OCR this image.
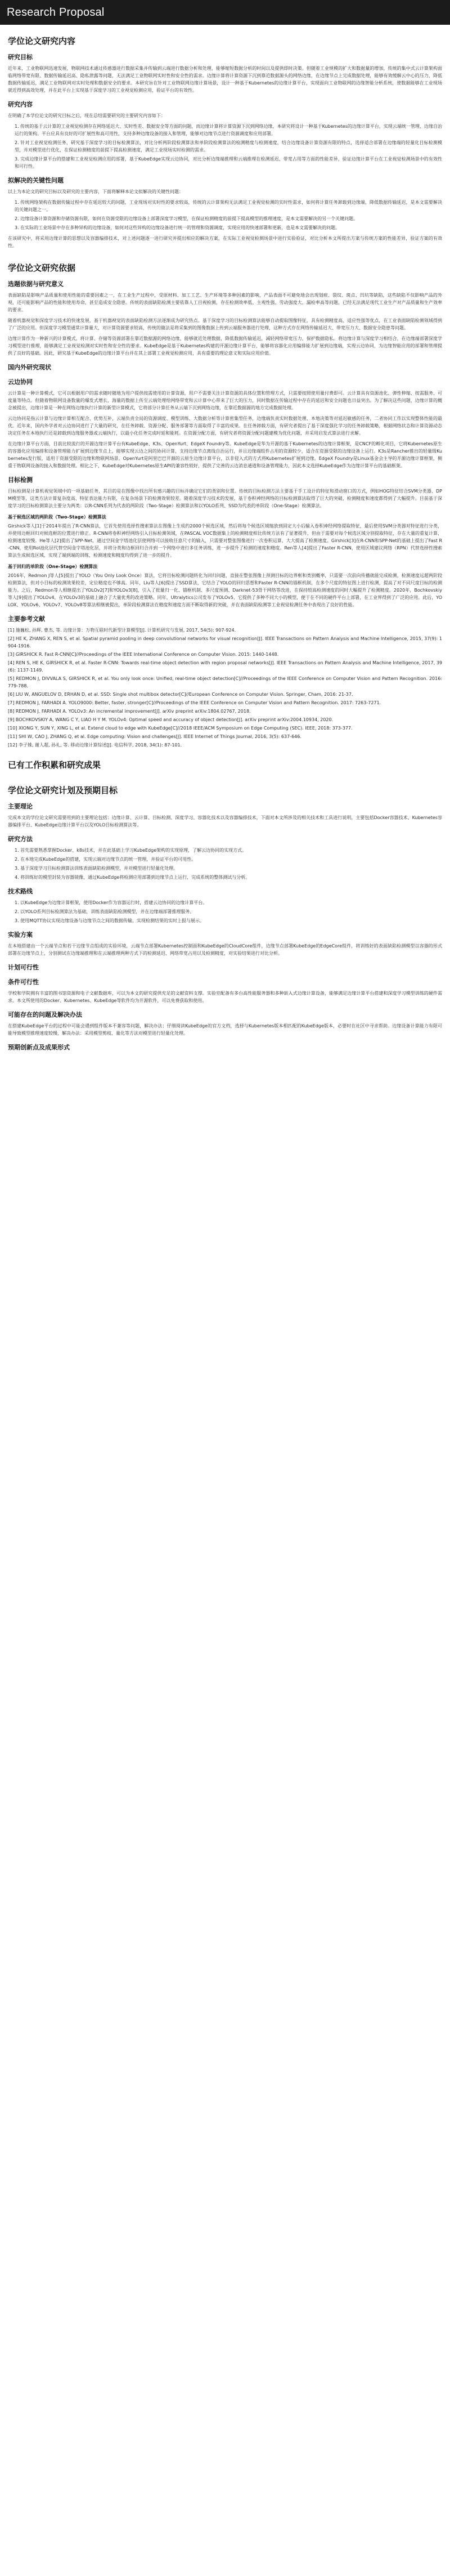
Research Proposal
学位论文研究内容
研究目标

近年来，工业物联网迅速发展，物联网技术通过传感器进行数据采集并传输到云端进行数据分析和处理，能够缩短数据分析的时间以及提供即时决策。但随着工业规模的扩大和数据量的增加，传统的集中式云计算架构面临网络带宽有限、数据传输延迟高、隐私泄露等问题，无法满足工业物联网实时性和安全性的需求。边缘计算将计算资源下沉到靠近数据源头的网络边缘，在边缘节点上完成数据处理，能够有效缓解云中心的压力，降低数据传输延迟，满足工业物联网对实时处理和数据安全的要求。本研究旨在针对工业物联网边缘计算场景，设计一种基于Kubernetes的边缘计算平台，实现面向工业物联网的边缘智能分析系统，使数据能够在工业现场就近得到高效处理，并在此平台上实现基于深度学习的工业视觉检测应用，验证平台的有效性。

研究内容

在明确了本学位论文的研究目标之后，现在总结需要研究的主要研究内容如下：

1. 传统的基于云计算的工业视觉检测存在网络延迟大、实时性差、数据安全等方面的问题，而边缘计算将计算资源下沉到网络边缘，本研究将设计一种基于Kubernetes的边缘计算平台，实现云端统一管理、边缘自治运行的架构。平台应具有良好的可扩展性和高可用性，支持多种边缘设备的接入和管理，能够对边缘节点进行资源调度和应用部署。
2. 针对工业视觉检测任务，研究基于深度学习的目标检测算法，对比分析两阶段检测算法和单阶段检测算法的检测精度与检测速度，结合边缘设备计算资源有限的特点，选择适合部署在边缘端的轻量化目标检测模型，并对模型进行优化，在保证检测精度的前提下提高检测速度，满足工业现场实时检测的需求。
3. 完成边缘计算平台的搭建和工业视觉检测应用的部署，基于KubeEdge实现云边协同，对比分析边缘端推理和云端推理在检测延迟、带宽占用等方面的性能差异，验证边缘计算平台在工业视觉检测场景中的有效性和可行性。
拟解决的关键性问题

以上为本论文的研究目标以及研究的主要内容，下面将解释本论文拟解决的关键性问题：

1. 传统网络架构在数据传输过程中存在延迟较大的问题，工业现场对实时性的要求较高，传统的云计算架构无法满足工业视觉检测的实时性需求，如何将计算任务卸载到边缘端，降低数据传输延迟，是本文需要解决的关键问题之一。
2. 边缘设备计算资源和存储资源有限，如何在资源受限的边缘设备上部署深度学习模型，在保证检测精度的前提下提高模型的推理速度，是本文需要解决的另一个关键问题。
3. 在实际的工业场景中存在多种异构的边缘设备，如何对这些异构的边缘设备进行统一的管理和资源调度，实现应用的快速部署和更新，也是本文需要解决的问题。

在该研究中，将采用边缘计算的思想以及容器编排技术，对上述问题逐一进行研究并提出相应的解决方案，在实际工业视觉检测场景中进行实验验证，对比分析本文所提出方案与传统方案的性能差异，验证方案的有效性。

学位论文研究依据
选题依据与研究意义

表面缺陷是影响产品质量和使用性能的重要因素之一，在工业生产过程中，受原材料、加工工艺、生产环境等多种因素的影响，产品表面不可避免地会出现划痕、裂纹、斑点、凹坑等缺陷，这些缺陷不仅影响产品的外观，还可能影响产品的性能和使用寿命，甚至造成安全隐患。传统的表面缺陷检测主要依靠人工目视检测，存在检测效率低、主观性强、劳动强度大、漏检率高等问题，已经无法满足现代工业生产对产品质量和生产效率的要求。

随着机器视觉和深度学习技术的快速发展，基于机器视觉的表面缺陷检测方法逐渐成为研究热点。基于深度学习的目标检测算法能够自动提取图像特征，具有检测精度高、适应性强等优点，在工业表面缺陷检测领域得到了广泛的应用。但深度学习模型通常计算量大，对计算资源要求较高，传统的做法是将采集到的图像数据上传到云端服务器进行处理，这种方式存在网络传输延迟大、带宽压力大、数据安全隐患等问题。

边缘计算作为一种新兴的计算模式，将计算、存储等资源部署在靠近数据源的网络边缘，能够就近处理数据，降低数据传输延迟，减轻网络带宽压力，保护数据隐私。将边缘计算与深度学习相结合，在边缘端部署深度学习模型进行推理，能够满足工业视觉检测对实时性和安全性的要求。KubeEdge是基于Kubernetes构建的开源边缘计算平台，能够将容器化应用编排能力扩展到边缘端，实现云边协同，为边缘智能应用的部署和管理提供了良好的基础。因此，研究基于KubeEdge的边缘计算平台并在其上部署工业视觉检测应用，具有重要的理论意义和实际应用价值。

国内外研究现状
云边协同

云计算是一种计算模式，它可以根据用户的需求随时随地为用户提供按需使用的计算资源，用户不需要关注计算资源的具体位置和管理方式，只需要按照使用量付费即可。云计算具有资源池化、弹性伸缩、按需服务、可度量等特点。但随着物联网设备数量的爆发式增长，海量的数据上传至云端处理给网络带宽和云计算中心带来了巨大的压力，同时数据在传输过程中存在的延迟和安全问题也日益突出。为了解决这些问题，边缘计算的概念被提出，边缘计算是一种在网络边缘执行计算的新型计算模式，它将部分计算任务从云端下沉到网络边缘，在靠近数据源的地方完成数据处理。

云边协同是指云计算与边缘计算相互配合、优势互补，云端负责全局的资源调度、模型训练、大数据分析等计算密集型任务，边缘端负责实时数据处理、本地决策等对延迟敏感的任务，二者协同工作以实现整体性能的最优。近年来，国内外学者对云边协同进行了大量的研究，在任务卸载、资源分配、服务部署等方面取得了丰富的成果。在任务卸载方面，有研究者提出了基于深度强化学习的任务卸载策略，根据网络状态和计算资源动态决定任务在本地执行还是卸载到边缘服务器或云端执行，以最小化任务完成时延和能耗。在资源分配方面，有研究者将资源分配问题建模为优化问题，并采用启发式算法进行求解。

在边缘计算平台方面，目前比较流行的开源边缘计算平台有KubeEdge、K3s、OpenYurt、EdgeX Foundry等。KubeEdge是华为开源的基于Kubernetes的边缘计算框架，是CNCF的孵化项目，它将Kubernetes原生的容器化应用编排和设备管理能力扩展到边缘节点上，能够实现云边之间的协同计算，支持边缘节点离线自治运行，并且边缘端组件占用的资源较少，适合在资源受限的边缘设备上运行。K3s是Rancher推出的轻量级Kubernetes发行版，适用于资源受限的边缘和物联网场景。OpenYurt是阿里巴巴开源的云原生边缘计算平台，以非侵入式的方式将Kubernetes扩展到边缘。EdgeX Foundry是Linux基金会主导的开源边缘计算框架，侧重于物联网设备的接入和数据处理。相比之下，KubeEdge对Kubernetes原生API的兼容性较好，提供了完善的云边消息通道和设备管理能力，因此本文选择KubeEdge作为边缘计算平台的基础框架。

目标检测

目标检测是计算机视觉领域中的一项基础任务，其目的是在图像中找出所有感兴趣的目标并确定它们的类别和位置。传统的目标检测方法主要基于手工设计的特征和滑动窗口的方式，例如HOG特征结合SVM分类器、DPM模型等，这类方法计算复杂度高、特征表达能力有限，在复杂场景下的检测效果较差。随着深度学习技术的发展，基于卷积神经网络的目标检测算法取得了巨大的突破，检测精度和速度都得到了大幅提升。目前基于深度学习的目标检测算法主要分为两类：以R-CNN系列为代表的两阶段（Two-Stage）检测算法和以YOLO系列、SSD为代表的单阶段（One-Stage）检测算法。

基于候选区域的两阶段（Two-Stage）检测算法

Girshick等人[1]于2014年提出了R-CNN算法，它首先使用选择性搜索算法在图像上生成约2000个候选区域，然后将每个候选区域缩放到固定大小后输入卷积神经网络提取特征，最后使用SVM分类器对特征进行分类，并使用边框回归对候选框的位置进行修正。R-CNN将卷积神经网络引入目标检测领域，在PASCAL VOC数据集上的检测精度相比传统方法有了显著提升，但由于需要对每个候选区域分别提取特征，存在大量的重复计算，检测速度较慢。He等人[2]提出了SPP-Net，通过空间金字塔池化层使网络可以接收任意尺寸的输入，只需要对整张图像进行一次卷积运算，大大提高了检测速度。Girshick[3]在R-CNN和SPP-Net的基础上提出了Fast R-CNN，使用RoI池化层代替空间金字塔池化层，并将分类和边框回归合并到一个网络中进行多任务训练，进一步提升了检测的速度和精度。Ren等人[4]提出了Faster R-CNN，使用区域建议网络（RPN）代替选择性搜索算法生成候选区域，实现了端到端的训练，检测速度和精度均得到了进一步的提升。

基于回归的单阶段（One-Stage）检测算法

2016年，Redmon J等人[5]提出了YOLO（You Only Look Once）算法，它将目标检测问题转化为回归问题，直接在整张图像上预测目标的边界框和类别概率，只需要一次前向传播就能完成检测，检测速度远超两阶段检测算法，但对小目标的检测效果较差，定位精度也不够高。同年，Liu等人[6]提出了SSD算法，它结合了YOLO的回归思想和Faster R-CNN的锚框机制，在多个尺度的特征图上进行检测，提高了对不同尺度目标的检测能力。之后，Redmon等人相继提出了YOLOv2[7]和YOLOv3[8]，引入了批量归一化、锚框机制、多尺度预测、Darknet-53骨干网络等改进，在保持较高检测速度的同时大幅提升了检测精度。2020年，Bochkovskiy等人[9]提出了YOLOv4，在YOLOv3的基础上融合了大量优秀的改进策略。同年，Ultralytics公司发布了YOLOv5，它提供了多种不同大小的模型，便于在不同的硬件平台上部署，在工业界得到了广泛的应用。此后，YOLOX、YOLOv6、YOLOv7、YOLOv8等算法相继被提出，单阶段检测算法在精度和速度方面不断取得新的突破，并在表面缺陷检测等工业视觉检测任务中表现出了良好的性能。

主要参考文献

[1] 施巍松, 孙辉, 曹杰, 等. 边缘计算：万物互联时代新型计算模型[J]. 计算机研究与发展, 2017, 54(5): 907-924.

[2] HE K, ZHANG X, REN S, et al. Spatial pyramid pooling in deep convolutional networks for visual recognition[J]. IEEE Transactions on Pattern Analysis and Machine Intelligence, 2015, 37(9): 1904-1916.

[3] GIRSHICK R. Fast R-CNN[C]//Proceedings of the IEEE International Conference on Computer Vision. 2015: 1440-1448.

[4] REN S, HE K, GIRSHICK R, et al. Faster R-CNN: Towards real-time object detection with region proposal networks[J]. IEEE Transactions on Pattern Analysis and Machine Intelligence, 2017, 39(6): 1137-1149.

[5] REDMON J, DIVVALA S, GIRSHICK R, et al. You only look once: Unified, real-time object detection[C]//Proceedings of the IEEE Conference on Computer Vision and Pattern Recognition. 2016: 779-788.

[6] LIU W, ANGUELOV D, ERHAN D, et al. SSD: Single shot multibox detector[C]//European Conference on Computer Vision. Springer, Cham, 2016: 21-37.

[7] REDMON J, FARHADI A. YOLO9000: Better, faster, stronger[C]//Proceedings of the IEEE Conference on Computer Vision and Pattern Recognition. 2017: 7263-7271.

[8] REDMON J, FARHADI A. YOLOv3: An incremental improvement[J]. arXiv preprint arXiv:1804.02767, 2018.

[9] BOCHKOVSKIY A, WANG C Y, LIAO H Y M. YOLOv4: Optimal speed and accuracy of object detection[J]. arXiv preprint arXiv:2004.10934, 2020.

[10] XIONG Y, SUN Y, XING L, et al. Extend cloud to edge with KubeEdge[C]//2018 IEEE/ACM Symposium on Edge Computing (SEC). IEEE, 2018: 373-377.

[11] SHI W, CAO J, ZHANG Q, et al. Edge computing: Vision and challenges[J]. IEEE Internet of Things Journal, 2016, 3(5): 637-646.

[12] 李子姝, 谢人超, 孙礼, 等. 移动边缘计算综述[J]. 电信科学, 2018, 34(1): 87-101.

已有工作积累和研究成果
学位论文研究计划及预期目标
主要理论

完成本文的学位论文研究需要用到的主要理论包括：边缘计算、云计算、目标检测、深度学习、容器化技术以及容器编排技术，下面对本文所涉及的相关技术和工具进行说明，主要包括Docker容器技术、Kubernetes容器编排平台、KubeEdge边缘计算平台以及YOLO目标检测算法等。

研究方法
1. 首先需要熟悉掌握Docker、k8s技术，并在此基础上学习KubeEdge架构的实现原理，了解云边协同的实现方式。
2. 在本地完成KubeEdge的搭建，实现云端对边缘节点的统一管理，并验证平台的可用性。
3. 基于深度学习目标检测算法训练表面缺陷检测模型，并对模型进行轻量化处理。
4. 将训练好的模型封装为容器镜像，通过KubeEdge将检测应用部署到边缘节点上运行，完成系统的整体测试与分析。
技术路线
1. 以KubeEdge为边缘计算框架，使用Docker作为容器运行时，搭建云边协同的边缘计算平台。
2. 以YOLO系列目标检测算法为基础，训练表面缺陷检测模型，并在边缘端部署推理服务。
3. 使用MQTT协议实现边缘设备与边缘节点之间的数据传输，实现检测结果的实时上报与展示。
实验方案

在本地搭建由一个云端节点和若干边缘节点组成的实验环境，云端节点部署Kubernetes控制面和KubeEdge的CloudCore组件，边缘节点部署KubeEdge的EdgeCore组件，将训练好的表面缺陷检测模型以容器的形式部署在边缘节点上，分别测试在边缘端推理和在云端推理两种方式下的检测延迟、网络带宽占用以及检测精度，对实验结果进行对比分析。

计划可行性
条件可行性

学校和学院拥有丰富的图书馆资源和电子文献数据库，可以为本文的研究提供充足的文献资料支撑。实验室配备有多台高性能服务器和多种嵌入式边缘计算设备，能够满足边缘计算平台搭建和深度学习模型训练的硬件需求。本文所使用的Docker、Kubernetes、KubeEdge等软件均为开源软件，可以免费获取和使用。

可能存在的问题及解决办法

在搭建KubeEdge平台的过程中可能会遇到组件版本不兼容等问题，解决办法：仔细阅读KubeEdge的官方文档，选择与Kubernetes版本相匹配的KubeEdge版本，必要时在社区中寻求帮助。边缘设备计算能力有限可能导致模型推理速度较慢，解决办法：采用模型剪枝、量化等方法对模型进行轻量化处理。

预期创新点及成果形式
